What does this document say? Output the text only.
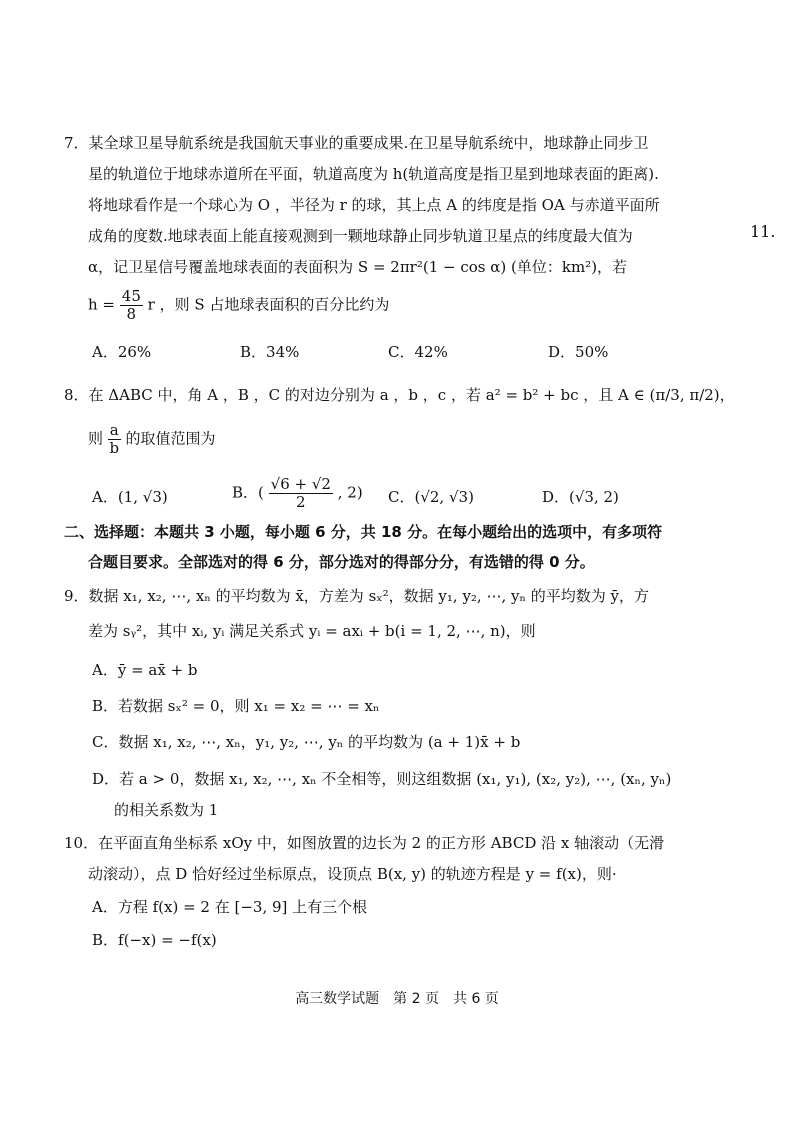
7．某全球卫星导航系统是我国航天事业的重要成果.在卫星导航系统中，地球静止同步卫
星的轨道位于地球赤道所在平面，轨道高度为 h(轨道高度是指卫星到地球表面的距离).
将地球看作是一个球心为 O ，半径为 r 的球，其上点 A 的纬度是指 OA 与赤道平面所
成角的度数.地球表面上能直接观测到一颗地球静止同步轨道卫星点的纬度最大值为	11.
α，记卫星信号覆盖地球表面的表面积为 S = 2πr²(1 − cos α) (单位：km²)，若
$h = \frac{45}{8}$ r ，则 S 占地球表面积的百分比约为
A．26%	B．34%	C．42%	D．50%
8．在 ΔABC 中，角 A ，B ，C 的对边分别为 a ，b ，c ，若 a² = b² + bc ，且 A ∈ (π/3, π/2)，
则 $\frac{a}{b}$ 的取值范围为
A．(1, √3)	B．( $\frac{√6 + √2}{2}$ , 2) C．(√2, √3)	D．(√3, 2)
二、选择题：本题共 3 小题，每小题 6 分，共 18 分。在每小题给出的选项中，有多项符
合题目要求。全部选对的得 6 分，部分选对的得部分分，有选错的得 0 分。
9．数据 x₁, x₂, ⋯, xₙ 的平均数为 x̄，方差为 sₓ²，数据 y₁, y₂, ⋯, yₙ 的平均数为 ȳ，方
差为 sᵧ²，其中 xᵢ, yᵢ 满足关系式 yᵢ = axᵢ + b(i = 1, 2, ⋯, n)，则
A．ȳ = ax̄ + b
B．若数据 sₓ² = 0，则 x₁ = x₂ = ⋯ = xₙ
C．数据 x₁, x₂, ⋯, xₙ，y₁, y₂, ⋯, yₙ 的平均数为 (a + 1)x̄ + b
D．若 a > 0，数据 x₁, x₂, ⋯, xₙ 不全相等，则这组数据 (x₁, y₁), (x₂, y₂), ⋯, (xₙ, yₙ)
的相关系数为 1
10．在平面直角坐标系 xOy 中，如图放置的边长为 2 的正方形 ABCD 沿 x 轴滚动（无滑
动滚动），点 D 恰好经过坐标原点，设顶点 B(x, y) 的轨迹方程是 y = f(x)，则·
A．方程 f(x) = 2 在 [−3, 9] 上有三个根
B．f(−x) = −f(x)
高三数学试题　第 2 页　共 6 页
